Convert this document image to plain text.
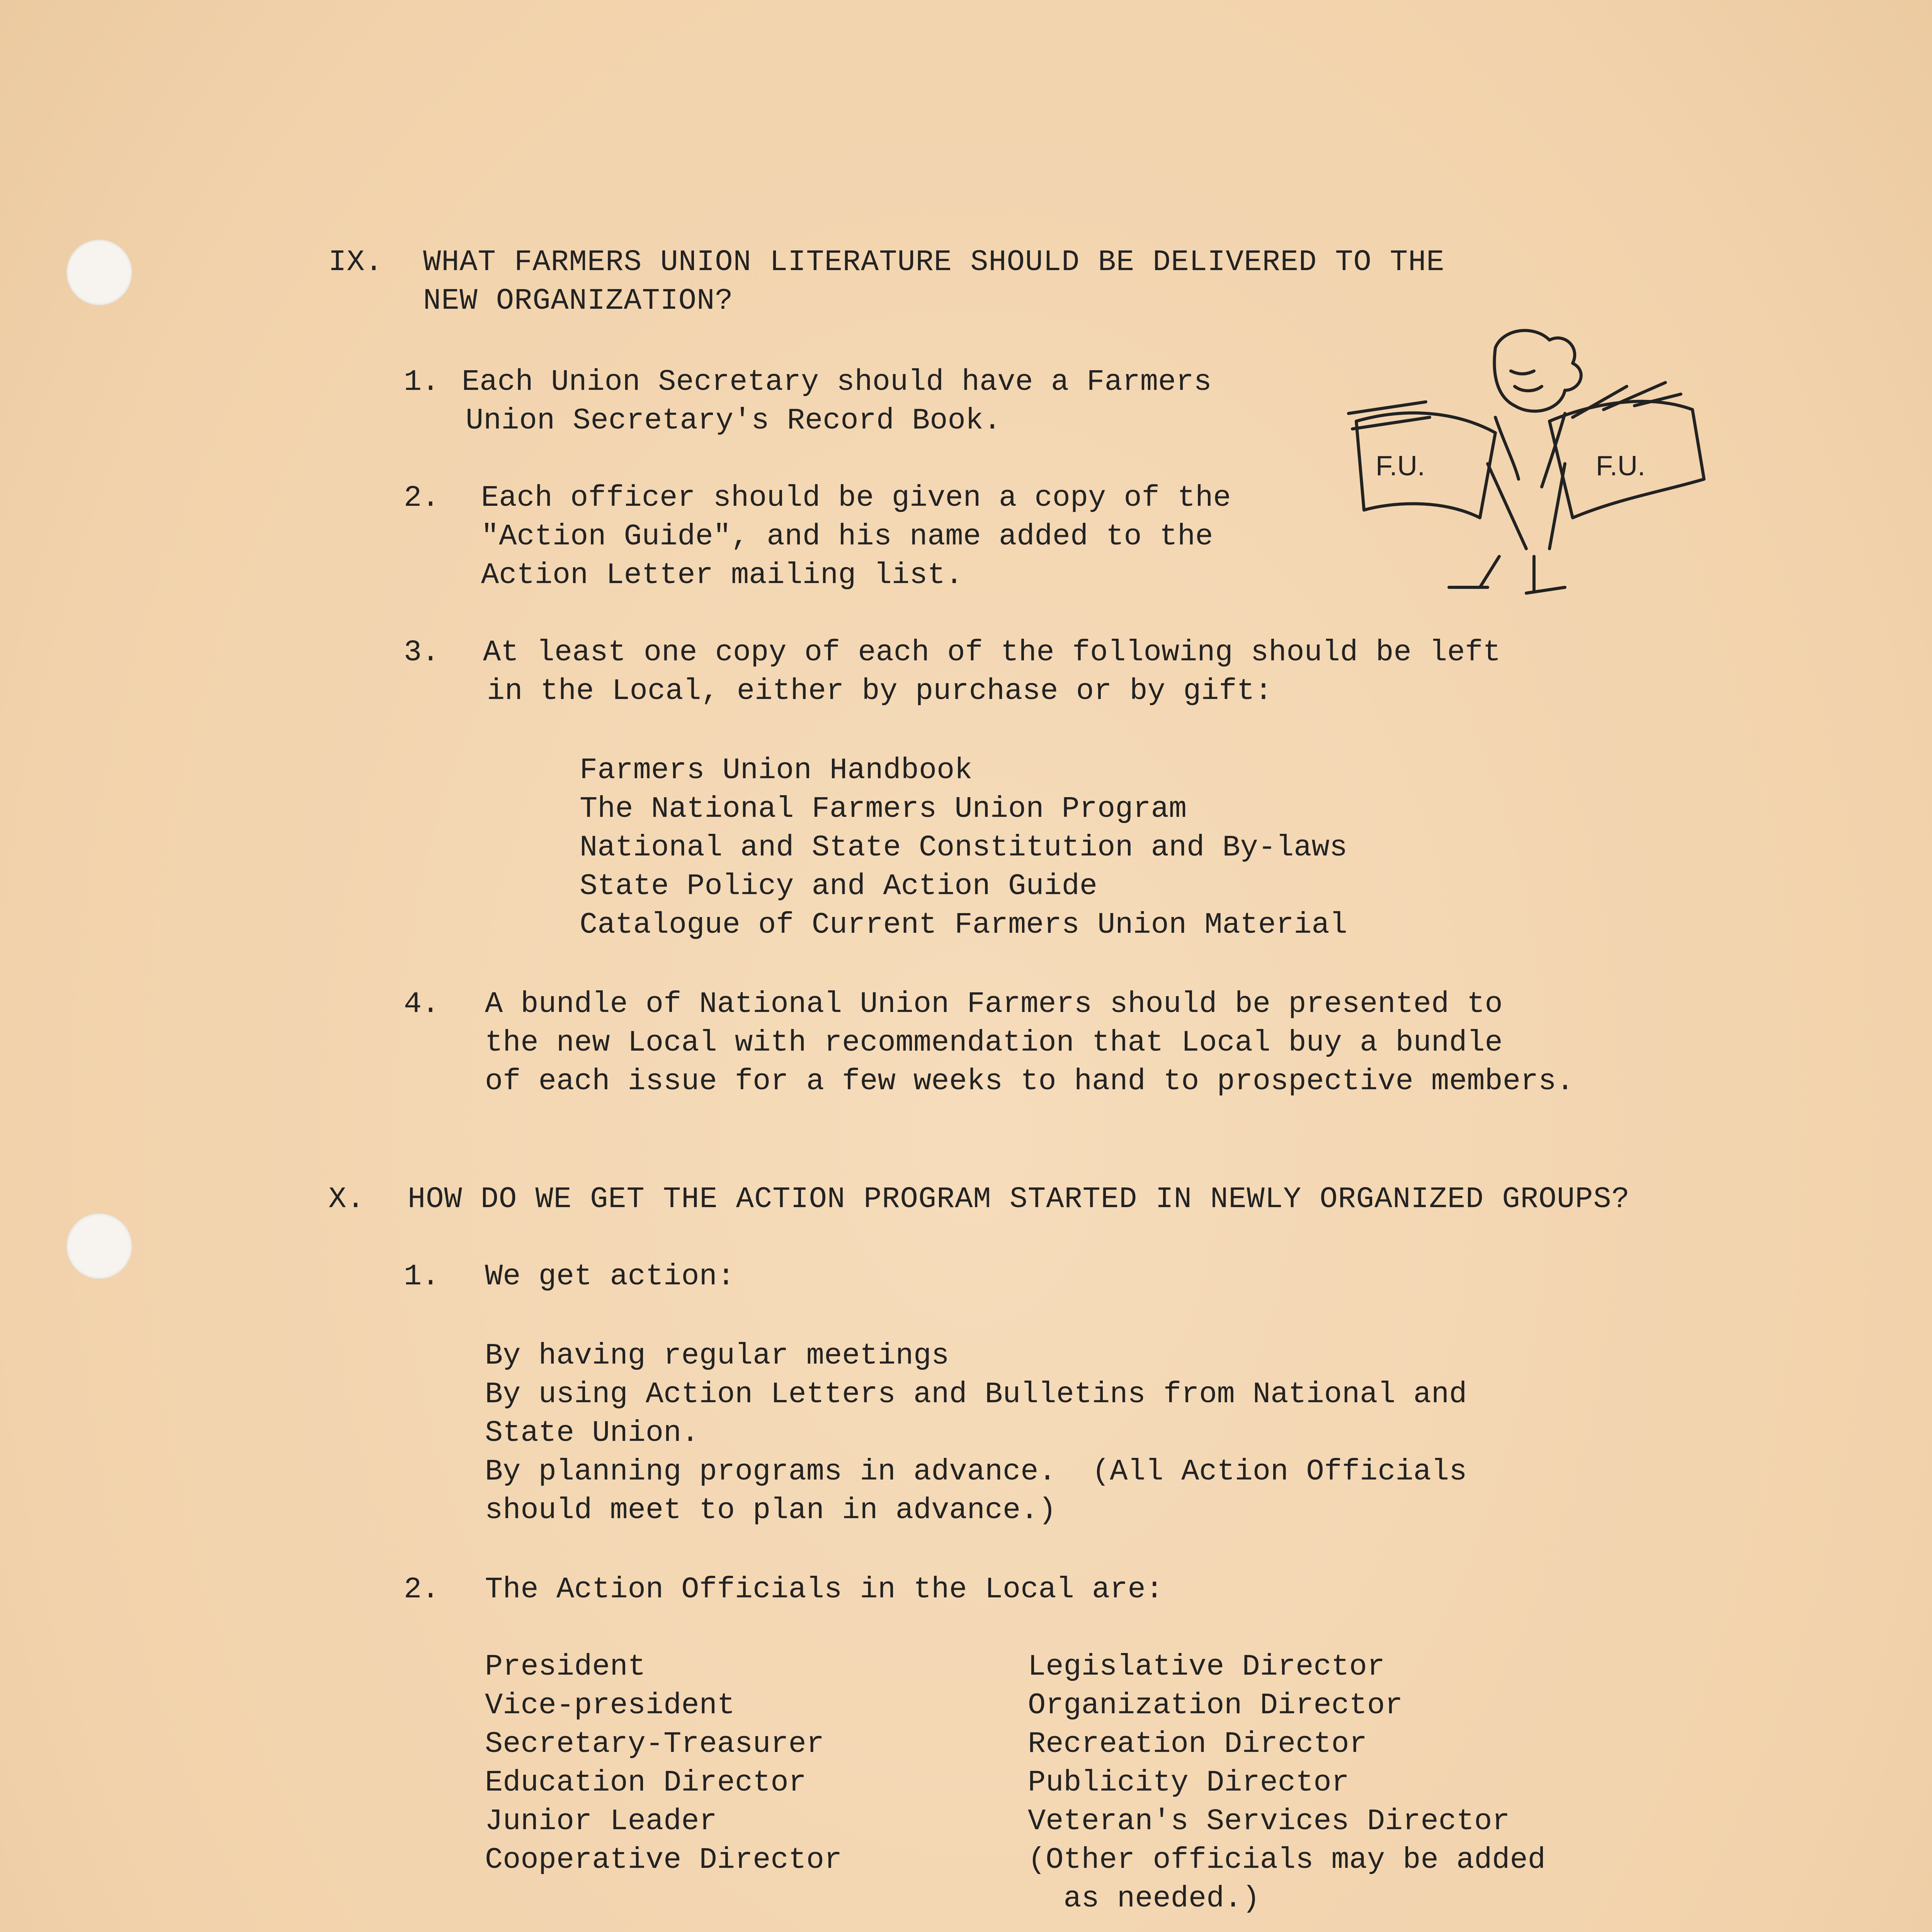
IX. WHAT FARMERS UNION LITERATURE SHOULD BE DELIVERED TO THE
NEW ORGANIZATION?
1. Each Union Secretary should have a Farmers
Union Secretary's Record Book.
2. Each officer should be given a copy of the
"Action Guide", and his name added to the
Action Letter mailing list.
3. At least one copy of each of the following should be left
in the Local, either by purchase or by gift:
Farmers Union Handbook
The National Farmers Union Program
National and State Constitution and By-laws
State Policy and Action Guide
Catalogue of Current Farmers Union Material
4. A bundle of National Union Farmers should be presented to
the new Local with recommendation that Local buy a bundle
of each issue for a few weeks to hand to prospective members.
F.U.	F.U.
X. HOW DO WE GET THE ACTION PROGRAM STARTED IN NEWLY ORGANIZED GROUPS?
1. We get action:
By having regular meetings
By using Action Letters and Bulletins from National and
State Union.
By planning programs in advance.  (All Action Officials
should meet to plan in advance.)
2. The Action Officials in the Local are:
President
Vice-president
Secretary-Treasurer
Education Director
Junior Leader
Cooperative Director
Legislative Director
Organization Director
Recreation Director
Publicity Director
Veteran's Services Director
(Other officials may be added
as needed.)
